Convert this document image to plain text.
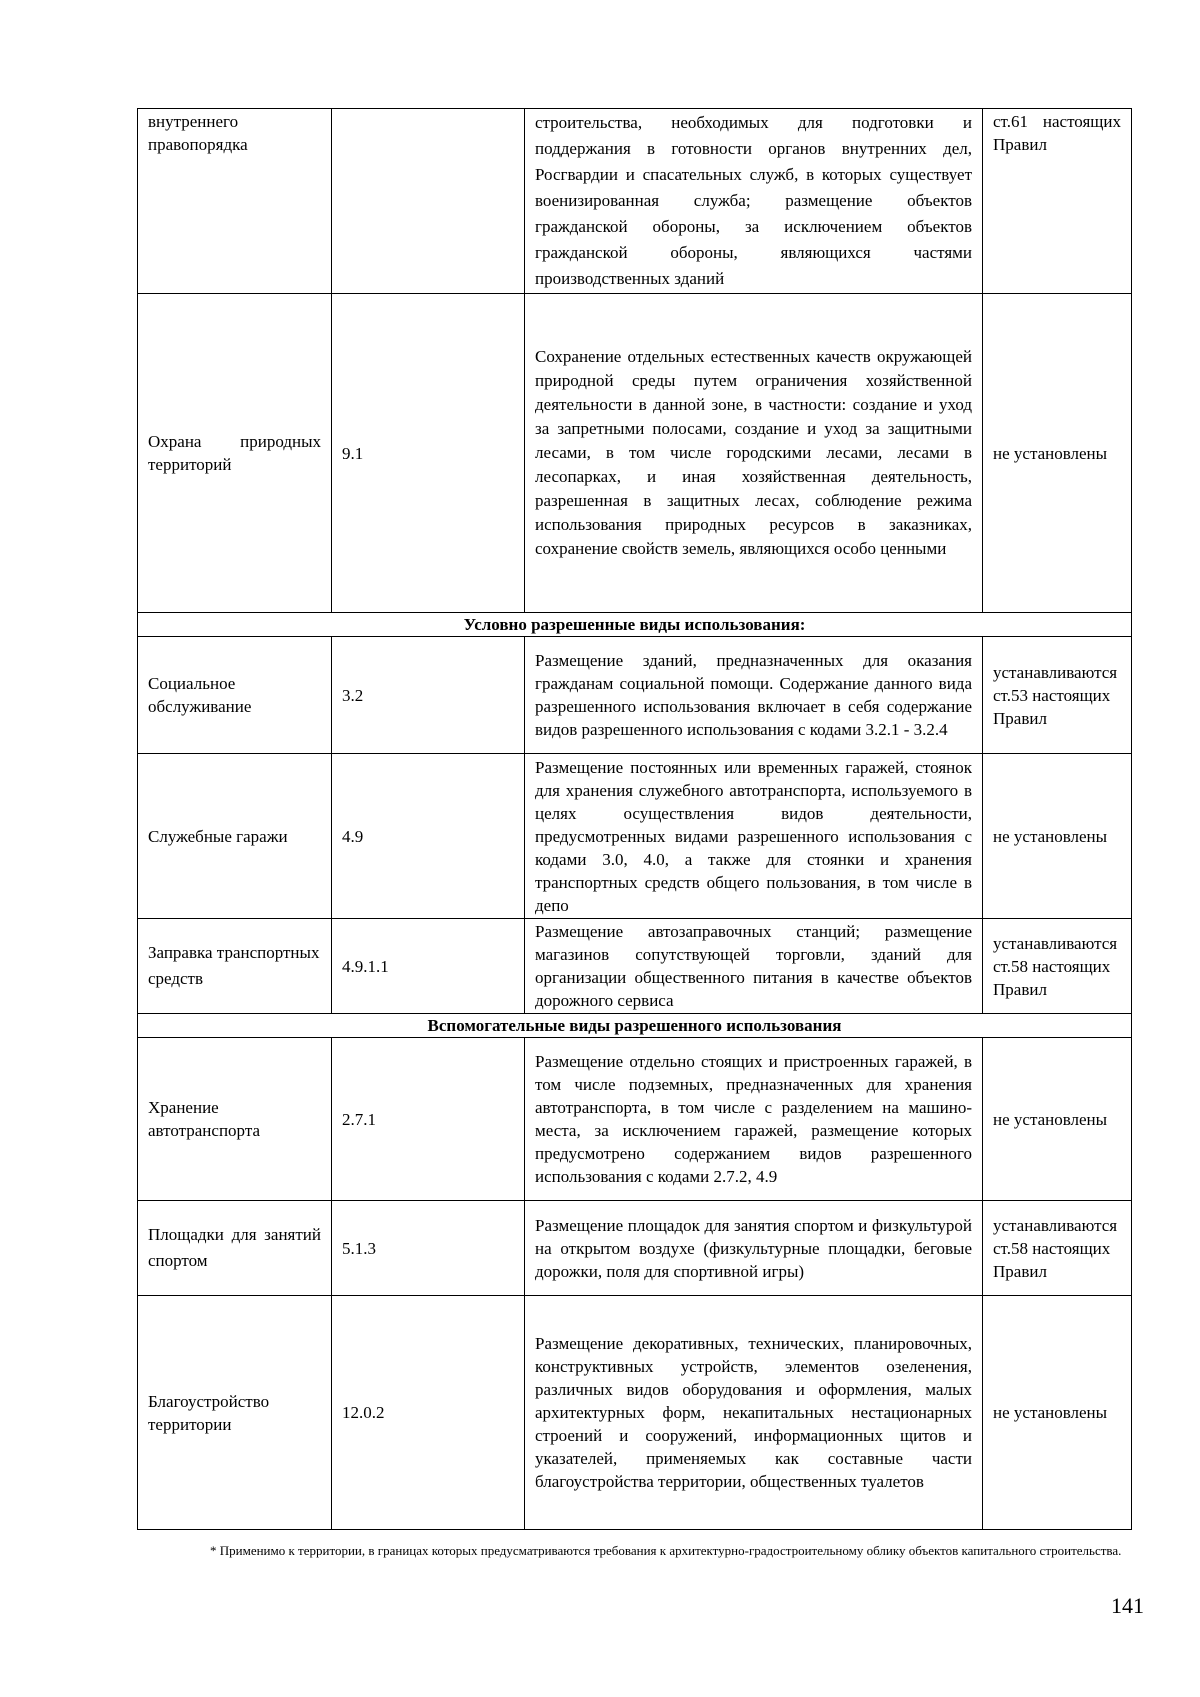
внутреннего правопорядка		строительства, необходимых для подготовки и поддержания в готовности органов внутренних дел, Росгвардии и спасательных служб, в которых существует военизированная служба; размещение объектов гражданской обороны, за исключением объектов гражданской обороны, являющихся частями производственных зданий	ст.61 настоящих Правил
Охрана природных территорий	9.1	Сохранение отдельных естественных качеств окружающей природной среды путем ограничения хозяйственной деятельности в данной зоне, в частности: создание и уход за запретными полосами, создание и уход за защитными лесами, в том числе городскими лесами, лесами в лесопарках, и иная хозяйственная деятельность, разрешенная в защитных лесах, соблюдение режима использования природных ресурсов в заказниках, сохранение свойств земель, являющихся особо ценными	не установлены
Условно разрешенные виды использования:			
Социальное обслуживание	3.2	Размещение зданий, предназначенных для оказания гражданам социальной помощи. Содержание данного вида разрешенного использования включает в себя содержание видов разрешенного использования с кодами 3.2.1 - 3.2.4	устанавливаются ст.53 настоящих Правил
Служебные гаражи	4.9	Размещение постоянных или временных гаражей, стоянок для хранения служебного автотранспорта, используемого в целях осуществления видов деятельности, предусмотренных видами разрешенного использования с кодами 3.0, 4.0, а также для стоянки и хранения транспортных средств общего пользования, в том числе в депо	не установлены
Заправка транспортных средств	4.9.1.1	Размещение автозаправочных станций; размещение магазинов сопутствующей торговли, зданий для организации общественного питания в качестве объектов дорожного сервиса	устанавливаются ст.58 настоящих Правил
Вспомогательные виды разрешенного использования			
Хранение автотранспорта	2.7.1	Размещение отдельно стоящих и пристроенных гаражей, в том числе подземных, предназначенных для хранения автотранспорта, в том числе с разделением на машино-места, за исключением гаражей, размещение которых предусмотрено содержанием видов разрешенного использования с кодами 2.7.2, 4.9	не установлены
Площадки для занятий спортом	5.1.3	Размещение площадок для занятия спортом и физкультурой на открытом воздухе (физкультурные площадки, беговые дорожки, поля для спортивной игры)	устанавливаются ст.58 настоящих Правил
Благоустройство территории	12.0.2	Размещение декоративных, технических, планировочных, конструктивных устройств, элементов озеленения, различных видов оборудования и оформления, малых архитектурных форм, некапитальных нестационарных строений и сооружений, информационных щитов и указателей, применяемых как составные части благоустройства территории, общественных туалетов	не установлены
* Применимо к территории, в границах которых предусматриваются требования к архитектурно-градостроительному облику объектов капитального строительства.
141
